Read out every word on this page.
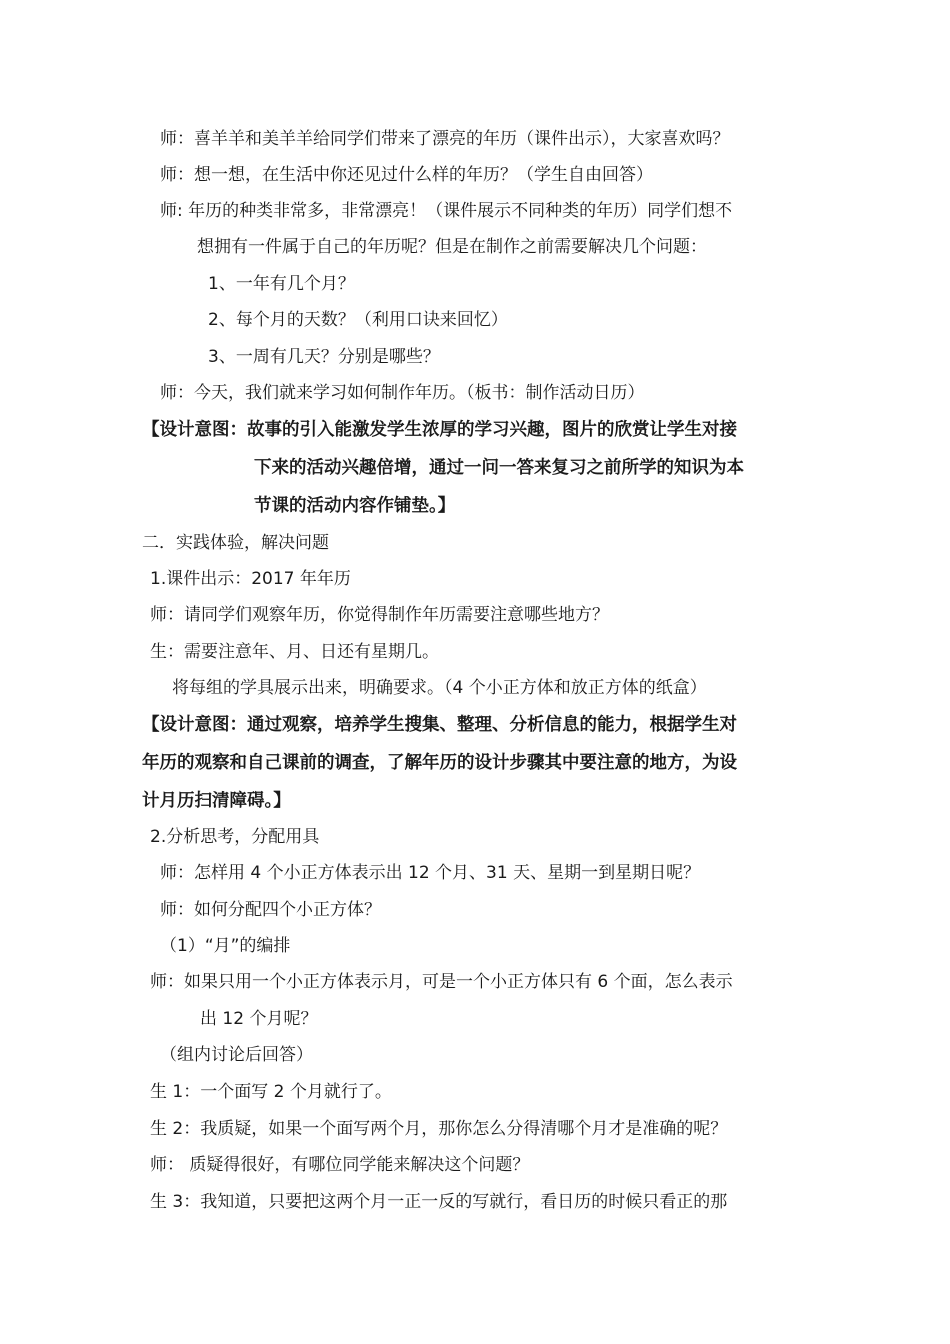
师：喜羊羊和美羊羊给同学们带来了漂亮的年历（课件出示），大家喜欢吗？
师：想一想，在生活中你还见过什么样的年历？（学生自由回答）
师: 年历的种类非常多，非常漂亮！（课件展示不同种类的年历）同学们想不
想拥有一件属于自己的年历呢？但是在制作之前需要解决几个问题：
1、一年有几个月？
2、每个月的天数？（利用口诀来回忆）
3、一周有几天？分别是哪些？
师：今天，我们就来学习如何制作年历。（板书：制作活动日历）
【设计意图：故事的引入能激发学生浓厚的学习兴趣，图片的欣赏让学生对接
下来的活动兴趣倍增，通过一问一答来复习之前所学的知识为本
节课的活动内容作铺垫。】
二．实践体验，解决问题
1.课件出示：2017 年年历
师：请同学们观察年历，你觉得制作年历需要注意哪些地方？
生：需要注意年、月、日还有星期几。
将每组的学具展示出来，明确要求。（4 个小正方体和放正方体的纸盒）
【设计意图：通过观察，培养学生搜集、整理、分析信息的能力，根据学生对
年历的观察和自己课前的调查，了解年历的设计步骤其中要注意的地方，为设
计月历扫清障碍。】
2.分析思考，分配用具
师：怎样用 4 个小正方体表示出 12 个月、31 天、星期一到星期日呢？
师：如何分配四个小正方体？
（1）“月”的编排
师：如果只用一个小正方体表示月，可是一个小正方体只有 6 个面，怎么表示
出 12 个月呢？
（组内讨论后回答）
生 1：一个面写 2 个月就行了。
生 2：我质疑，如果一个面写两个月，那你怎么分得清哪个月才是准确的呢？
师： 质疑得很好，有哪位同学能来解决这个问题？
生 3：我知道，只要把这两个月一正一反的写就行，看日历的时候只看正的那
